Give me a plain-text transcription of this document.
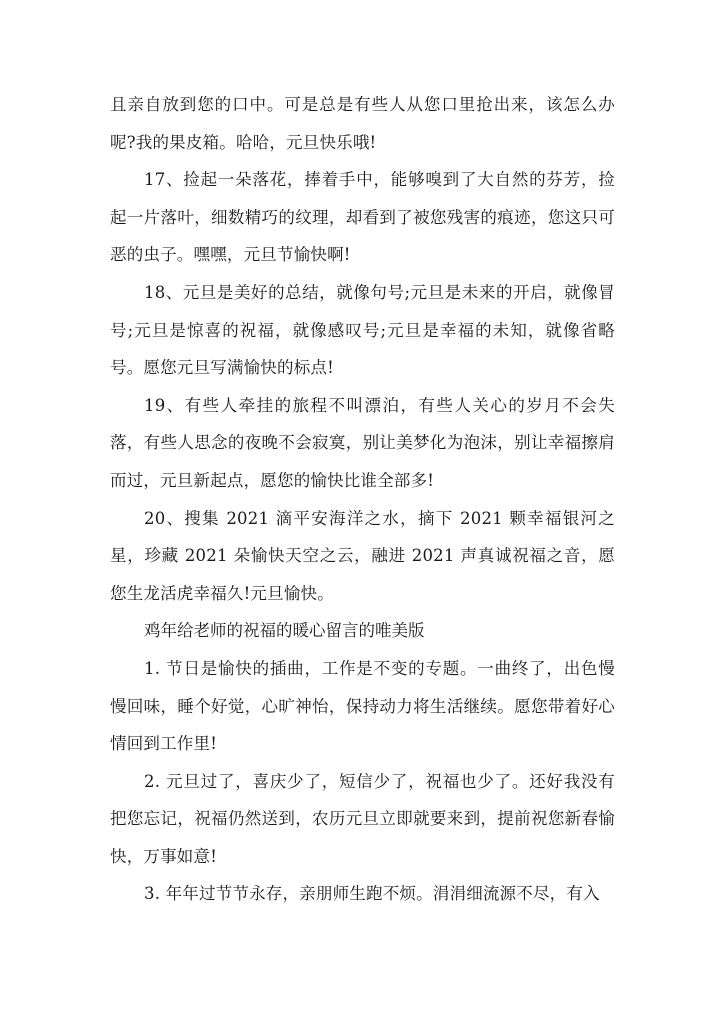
且亲自放到您的口中。可是总是有些人从您口里抢出来，该怎么办呢?我的果皮箱。哈哈，元旦快乐哦!

17、捡起一朵落花，捧着手中，能够嗅到了大自然的芬芳，捡起一片落叶，细数精巧的纹理，却看到了被您残害的痕迹，您这只可恶的虫子。嘿嘿，元旦节愉快啊!

18、元旦是美好的总结，就像句号;元旦是未来的开启，就像冒号;元旦是惊喜的祝福，就像感叹号;元旦是幸福的未知，就像省略号。愿您元旦写满愉快的标点!

19、有些人牵挂的旅程不叫漂泊，有些人关心的岁月不会失落，有些人思念的夜晚不会寂寞，别让美梦化为泡沫，别让幸福擦肩而过，元旦新起点，愿您的愉快比谁全部多!

20、搜集 2021 滴平安海洋之水，摘下 2021 颗幸福银河之星，珍藏 2021 朵愉快天空之云，融进 2021 声真诚祝福之音，愿您生龙活虎幸福久!元旦愉快。

鸡年给老师的祝福的暖心留言的唯美版

1. 节日是愉快的插曲，工作是不变的专题。一曲终了，出色慢慢回味，睡个好觉，心旷神怡，保持动力将生活继续。愿您带着好心情回到工作里!

2. 元旦过了，喜庆少了，短信少了，祝福也少了。还好我没有把您忘记，祝福仍然送到，农历元旦立即就要来到，提前祝您新春愉快，万事如意!

3. 年年过节节永存，亲朋师生跑不烦。涓涓细流源不尽，有入
